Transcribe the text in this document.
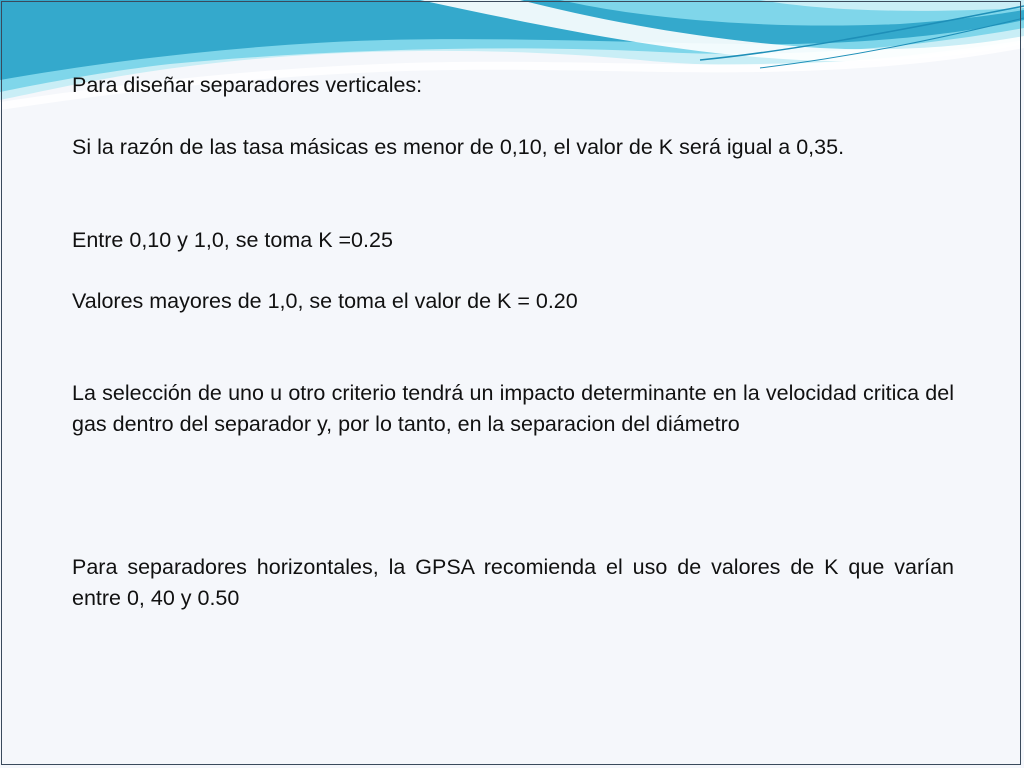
Para diseñar separadores verticales:

Si la razón de las tasa másicas es menor de 0,10, el valor de K será igual a 0,35.

Entre 0,10 y 1,0, se toma K =0.25

Valores mayores de 1,0, se toma el valor de K = 0.20

La selección de uno u otro criterio tendrá un impacto determinante en la velocidad critica del gas dentro del separador y, por lo tanto, en la separacion del diámetro

Para separadores horizontales, la GPSA recomienda el uso de valores de K que varían entre 0, 40 y 0.50
